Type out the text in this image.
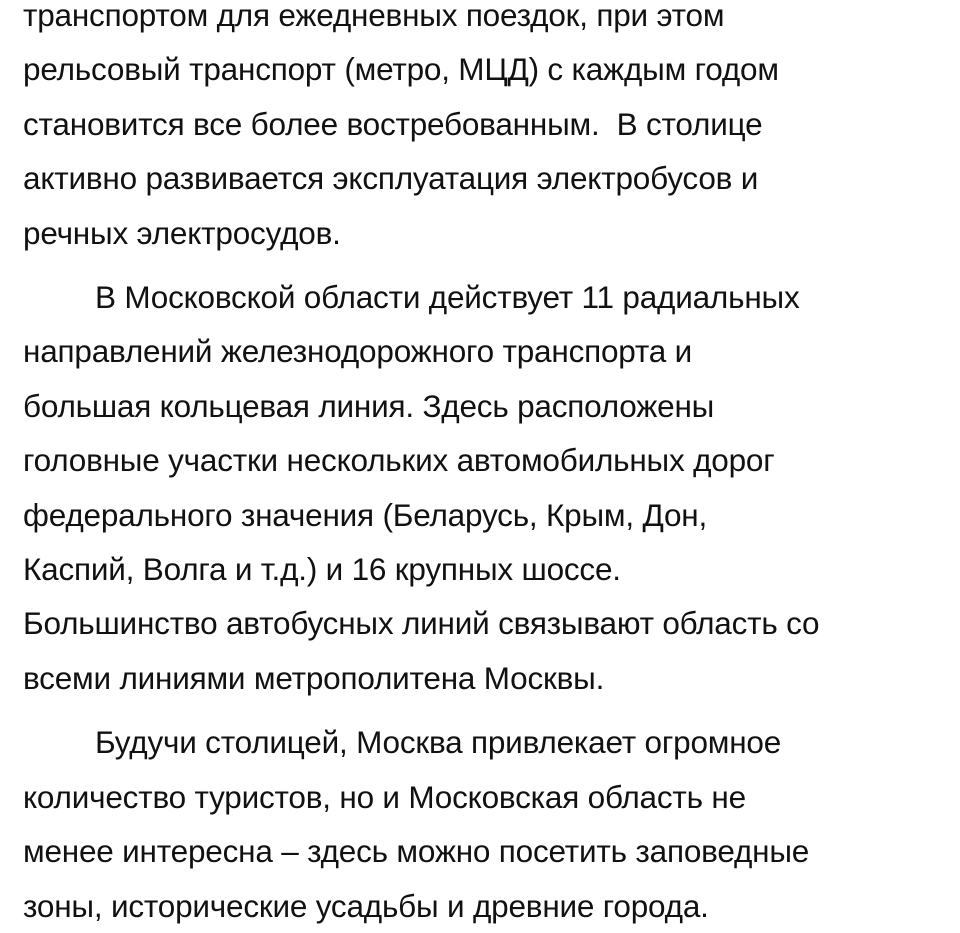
транспортом для ежедневных поездок, при этом
рельсовый транспорт (метро, МЦД) с каждым годом
становится все более востребованным.  В столице
активно развивается эксплуатация электробусов и
речных электросудов.

В Московской области действует 11 радиальных
направлений железнодорожного транспорта и
большая кольцевая линия. Здесь расположены
головные участки нескольких автомобильных дорог
федерального значения (Беларусь, Крым, Дон,
Каспий, Волга и т.д.) и 16 крупных шоссе.
Большинство автобусных линий связывают область со
всеми линиями метрополитена Москвы.

Будучи столицей, Москва привлекает огромное
количество туристов, но и Московская область не
менее интересна – здесь можно посетить заповедные
зоны, исторические усадьбы и древние города.
